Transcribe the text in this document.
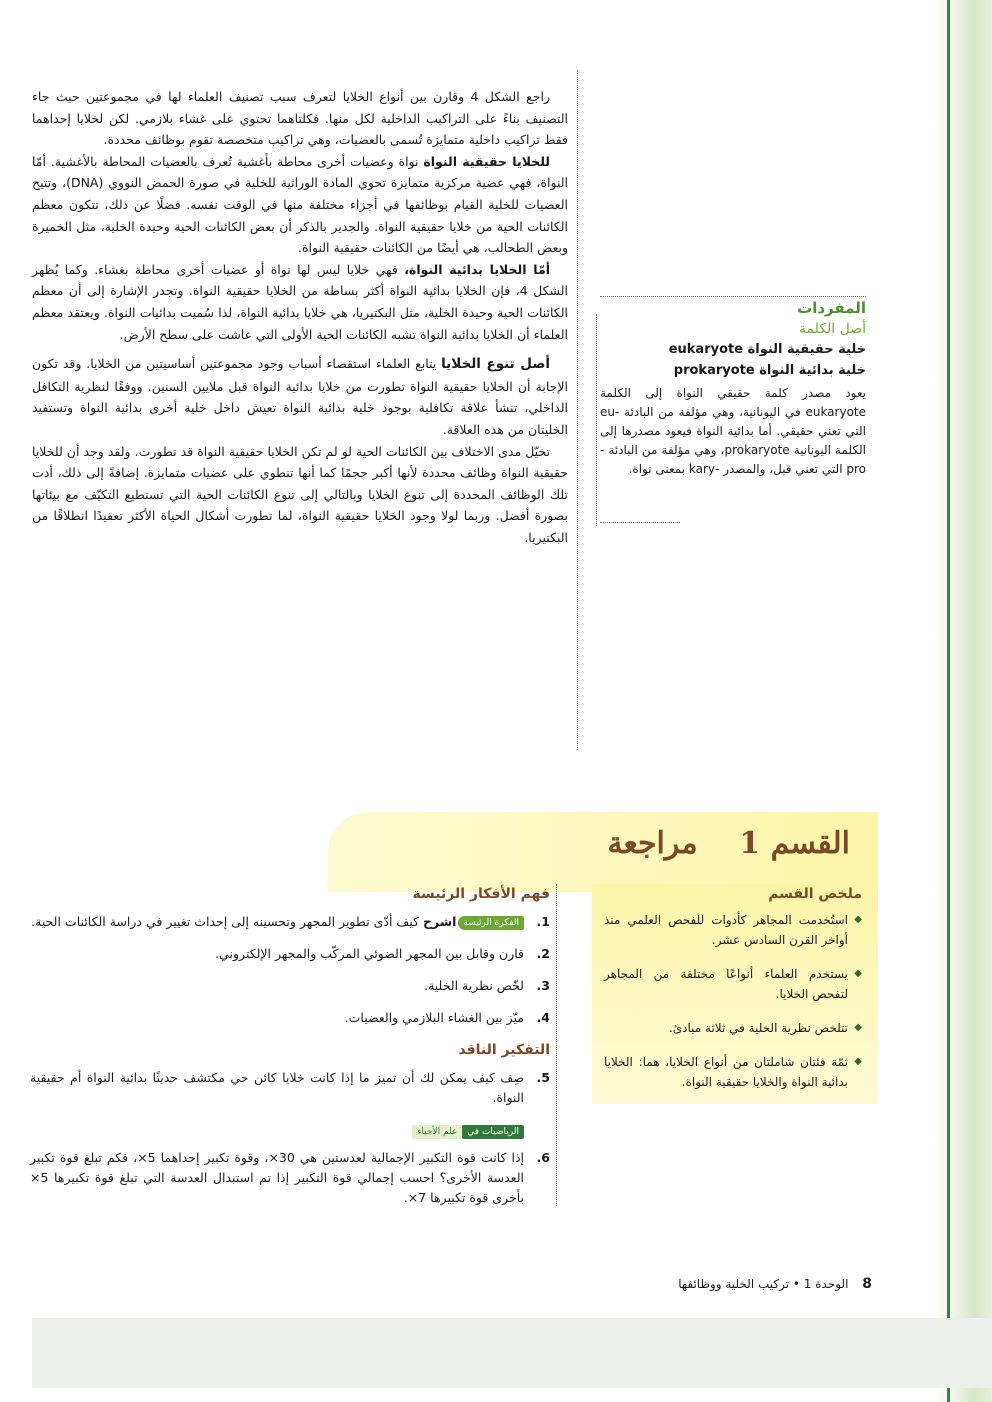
راجع الشكل 4 وقارن بين أنواع الخلايا لتعرف سبب تصنيف العلماء لها في مجموعتين حيث جاء التصنيف بناءً على التراكيب الداخلية لكل منها. فكلتاهما تحتوي على غشاء بلازمي. لكن لخلايا إحداهما فقط تراكيب داخلية متمايزة تُسمى بالعضيات، وهي تراكيب متخصصة تقوم بوظائف محددة.

للخلايا حقيقية النواة نواة وعضيات أخرى محاطة بأغشية تُعرف بالعضيات المحاطة بالأغشية. أمّا النواة، فهي عضية مركزية متمايزة تحوي المادة الوراثية للخلية في صورة الحمض النووي (DNA)، وتتيح العضيات للخلية القيام بوظائفها في أجزاء مختلفة منها في الوقت نفسه. فضلًا عن ذلك، تتكون معظم الكائنات الحية من خلايا حقيقية النواة. والجدير بالذكر أن بعض الكائنات الحية وحيدة الخلية، مثل الخميرة وبعض الطحالب، هي أيضًا من الكائنات حقيقية النواة.

أمّا الخلايا بدائية النواة، فهي خلايا ليس لها نواة أو عضيات أخرى محاطة بغشاء. وكما يُظهر الشكل 4، فإن الخلايا بدائية النواة أكثر بساطة من الخلايا حقيقية النواة. وتجدر الإشارة إلى أن معظم الكائنات الحية وحيدة الخلية، مثل البكتيريا، هي خلايا بدائية النواة، لذا سُميت بدائيات النواة. ويعتقد معظم العلماء أن الخلايا بدائية النواة تشبه الكائنات الحية الأولى التي عاشت على سطح الأرض.

أصل تنوع الخلايا يتابع العلماء استقصاء أسباب وجود مجموعتين أساسيتين من الخلايا. وقد تكون الإجابة أن الخلايا حقيقية النواة تطورت من خلايا بدائية النواة قبل ملايين السنين. ووفقًا لنظرية التكافل الداخلي، تنشأ علاقة تكافلية بوجود خلية بدائية النواة تعيش داخل خلية أخرى بدائية النواة وتستفيد الخليتان من هذه العلاقة.

تخيّل مدى الاختلاف بين الكائنات الحية لو لم تكن الخلايا حقيقية النواة قد تطورت. ولقد وجد أن للخلايا حقيقية النواة وظائف محددة لأنها أكبر حجمًا كما أنها تنطوي على عضيات متمايزة. إضافةً إلى ذلك، أدت تلك الوظائف المحددة إلى تنوع الخلايا وبالتالي إلى تنوع الكائنات الحية التي تستطيع التكيّف مع بيئاتها بصورة أفضل. وربما لولا وجود الخلايا حقيقية النواة، لما تطورت أشكال الحياة الأكثر تعقيدًا انطلاقًا من البكتيريا.

المفردات
أصل الكلمة
خلية حقيقية النواة eukaryote
خلية بدائية النواة prokaryote
يعود مصدر كلمة حقيقي النواة إلى الكلمة eukaryote في اليونانية، وهي مؤلفة من البادئة -eu التي تعني حقيقي. أما بدائية النواة فيعود مصدرها إلى الكلمة اليونانية prokaryote، وهي مؤلفة من البادئة -pro التي تعني قبل، والمصدر -kary بمعنى نواة.
القسم 1    مراجعة
ملخص القسم
◆ استُخدمت المجاهر كأدوات للفحص العلمي منذ أواخر القرن السادس عشر.
◆ يستخدم العلماء أنواعًا مختلفة من المجاهر لتفحص الخلايا.
◆ تتلخص نظرية الخلية في ثلاثة مبادئ.
◆ ثمّة فئتان شاملتان من أنواع الخلايا، هما: الخلايا بدائية النواة والخلايا حقيقية النواة.
فهم الأفكار الرئيسة
1.
الفكرة الرئيسةاشرح كيف أدّى تطوير المجهر وتحسينه إلى إحداث تغيير في دراسة الكائنات الحية.
2.
قارن وقابل بين المجهر الضوئي المركّب والمجهر الإلكتروني.
3.
لخّص نظرية الخلية.
4.
ميّز بين الغشاء البلازمي والعضيات.
التفكير الناقد
5.
صِف كيف يمكن لك أن تميز ما إذا كانت خلايا كائن حي مكتشف حديثًا بدائية النواة أم حقيقية النواة.
الرياضيات فيعلم الأحياء
6.
إذا كانت قوة التكبير الإجمالية لعدستين هي 30×، وقوة تكبير إحداهما 5×، فكم تبلغ قوة تكبير العدسة الأخرى؟ احسب إجمالي قوة التكبير إذا تم استبدال العدسة التي تبلغ قوة تكبيرها 5× بأخرى قوة تكبيرها 7×.
8 الوحدة 1 • تركيب الخلية ووظائفها
